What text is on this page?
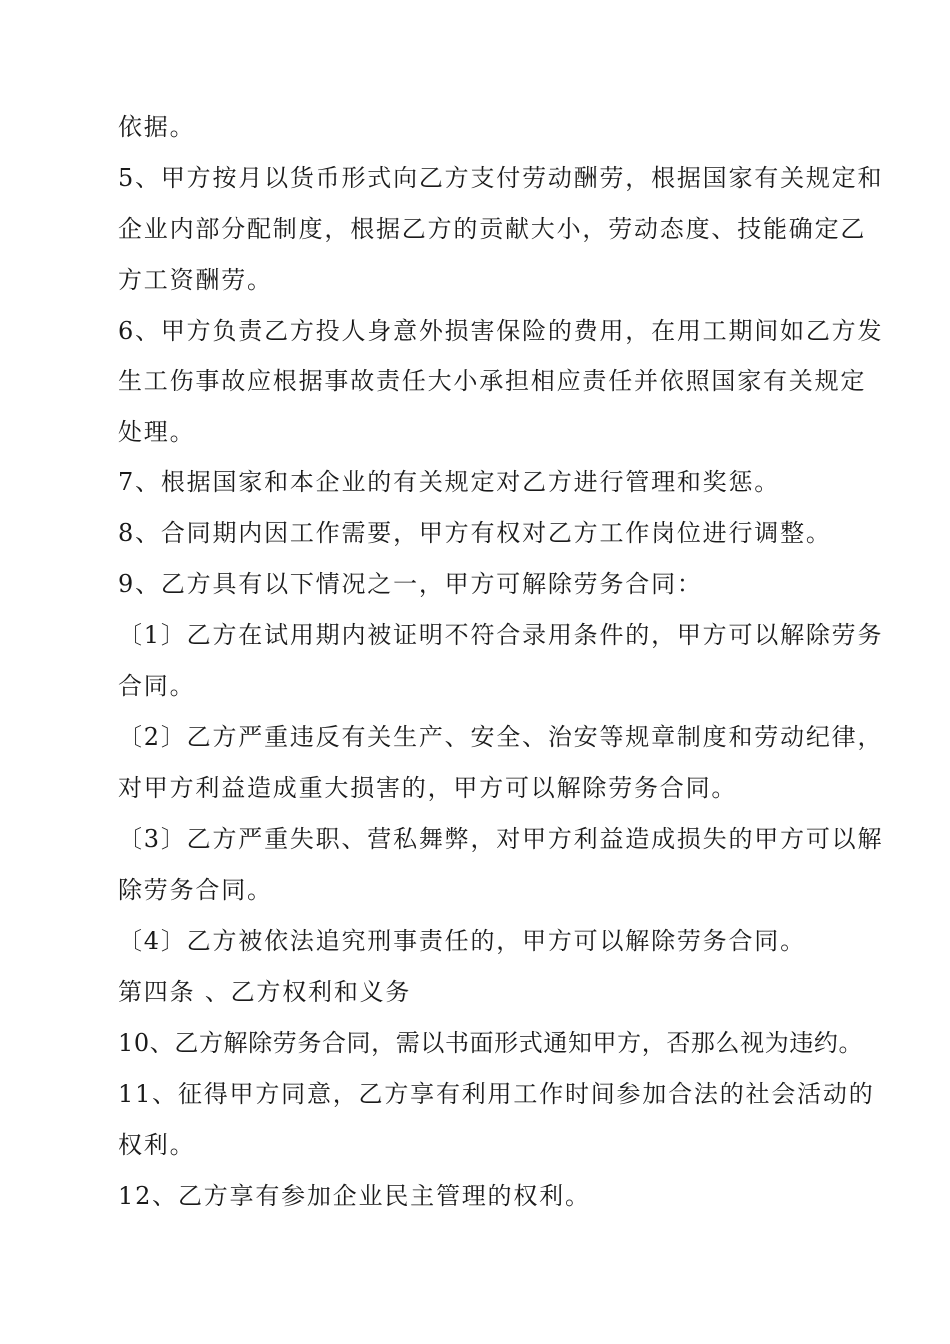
依据。
5、甲方按月以货币形式向乙方支付劳动酬劳，根据国家有关规定和
企业内部分配制度，根据乙方的贡献大小，劳动态度、技能确定乙
方工资酬劳。
6、甲方负责乙方投人身意外损害保险的费用，在用工期间如乙方发
生工伤事故应根据事故责任大小承担相应责任并依照国家有关规定
处理。
7、根据国家和本企业的有关规定对乙方进行管理和奖惩。
8、合同期内因工作需要，甲方有权对乙方工作岗位进行调整。
9、乙方具有以下情况之一，甲方可解除劳务合同：
〔1〕乙方在试用期内被证明不符合录用条件的，甲方可以解除劳务
合同。
〔2〕乙方严重违反有关生产、安全、治安等规章制度和劳动纪律，
对甲方利益造成重大损害的，甲方可以解除劳务合同。
〔3〕乙方严重失职、营私舞弊，对甲方利益造成损失的甲方可以解
除劳务合同。
〔4〕乙方被依法追究刑事责任的，甲方可以解除劳务合同。
第四条 、乙方权利和义务
10、乙方解除劳务合同，需以书面形式通知甲方，否那么视为违约。
11、征得甲方同意，乙方享有利用工作时间参加合法的社会活动的
权利。
12、乙方享有参加企业民主管理的权利。
